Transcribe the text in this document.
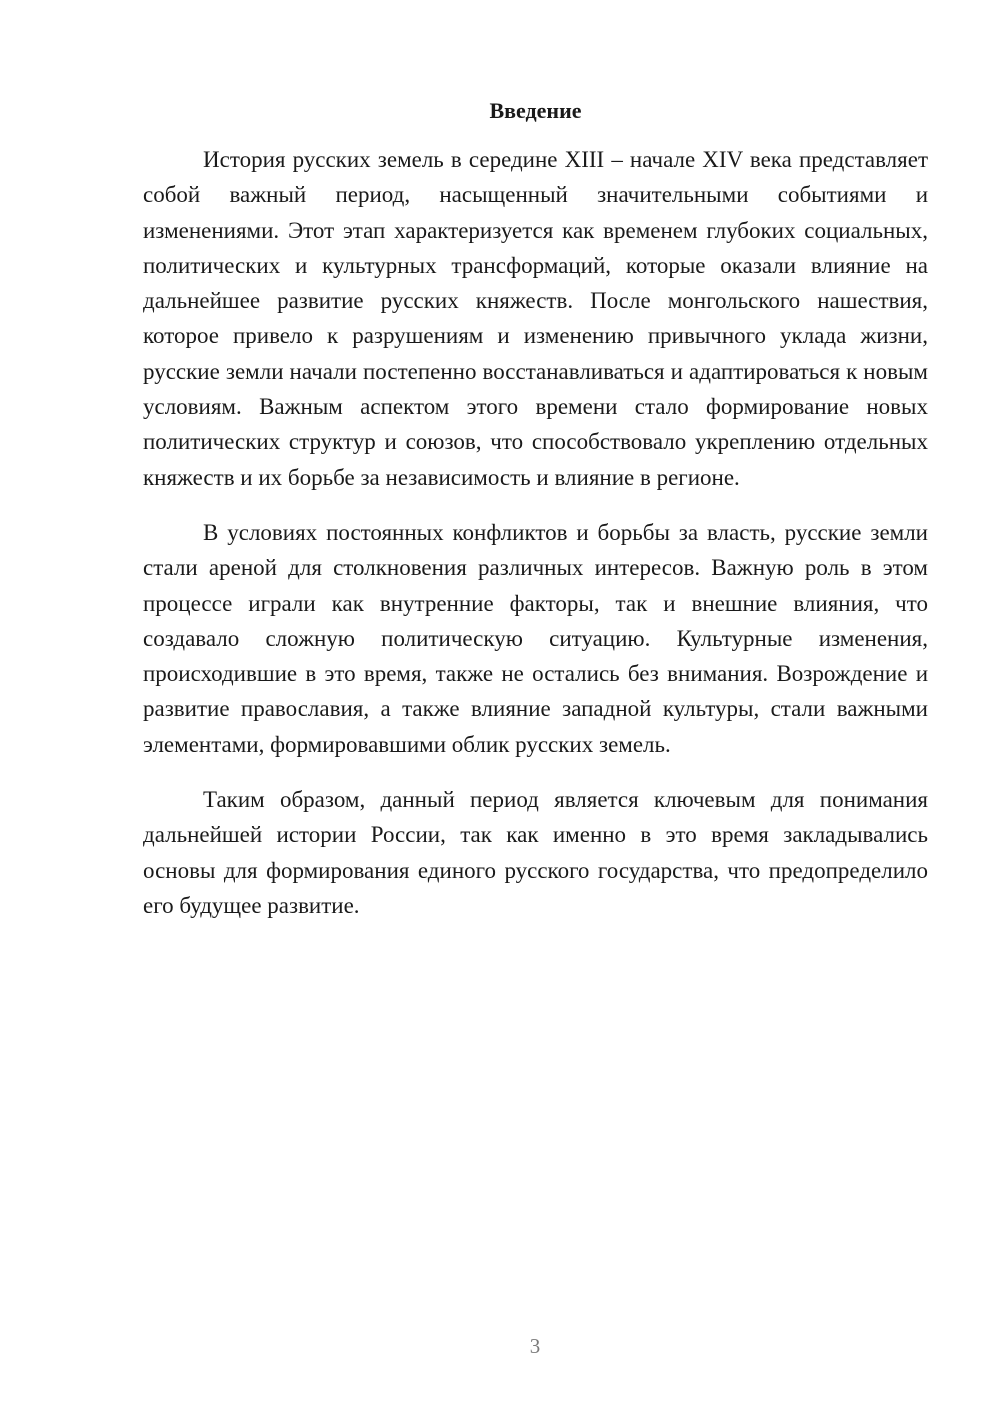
Введение

История русских земель в середине XIII – начале XIV века представляет собой важный период, насыщенный значительными событиями и изменениями. Этот этап характеризуется как временем глубоких социальных, политических и культурных трансформаций, которые оказали влияние на дальнейшее развитие русских княжеств. После монгольского нашествия, которое привело к разрушениям и изменению привычного уклада жизни, русские земли начали постепенно восстанавливаться и адаптироваться к новым условиям. Важным аспектом этого времени стало формирование новых политических структур и союзов, что способствовало укреплению отдельных княжеств и их борьбе за независимость и влияние в регионе.

В условиях постоянных конфликтов и борьбы за власть, русские земли стали ареной для столкновения различных интересов. Важную роль в этом процессе играли как внутренние факторы, так и внешние влияния, что создавало сложную политическую ситуацию. Культурные изменения, происходившие в это время, также не остались без внимания. Возрождение и развитие православия, а также влияние западной культуры, стали важными элементами, формировавшими облик русских земель.

Таким образом, данный период является ключевым для понимания дальнейшей истории России, так как именно в это время закладывались основы для формирования единого русского государства, что предопределило его будущее развитие.

3
